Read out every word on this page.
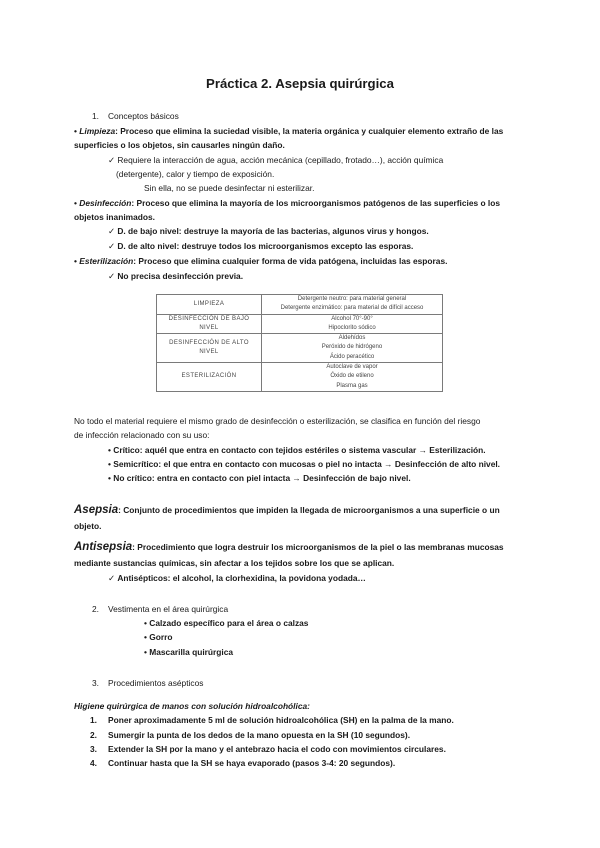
Práctica 2. Asepsia quirúrgica
1. Conceptos básicos
• Limpieza: Proceso que elimina la suciedad visible, la materia orgánica y cualquier elemento extraño de las
superficies o los objetos, sin causarles ningún daño.
✓ Requiere la interacción de agua, acción mecánica (cepillado, frotado…), acción química
(detergente), calor y tiempo de exposición.
Sin ella, no se puede desinfectar ni esterilizar.
• Desinfección: Proceso que elimina la mayoría de los microorganismos patógenos de las superficies o los
objetos inanimados.
✓ D. de bajo nivel: destruye la mayoría de las bacterias, algunos virus y hongos.
✓ D. de alto nivel: destruye todos los microorganismos excepto las esporas.
• Esterilización: Proceso que elimina cualquier forma de vida patógena, incluidas las esporas.
✓ No precisa desinfección previa.
LIMPIEZA	Detergente neutro: para material general
Detergente enzimático: para material de difícil acceso

DESINFECCIÓN DE BAJO NIVEL	Alcohol 70°-90°
Hipoclorito sódico

DESINFECCIÓN DE ALTO NIVEL	Aldehídos
Peróxido de hidrógeno
Ácido peracético

ESTERILIZACIÓN	Autoclave de vapor
Óxido de etileno
Plasma gas
No todo el material requiere el mismo grado de desinfección o esterilización, se clasifica en función del riesgo
de infección relacionado con su uso:
• Crítico: aquél que entra en contacto con tejidos estériles o sistema vascular → Esterilización.
• Semicrítico: el que entra en contacto con mucosas o piel no intacta → Desinfección de alto nivel.
• No crítico: entra en contacto con piel intacta → Desinfección de bajo nivel.
Asepsia: Conjunto de procedimientos que impiden la llegada de microorganismos a una superficie o un
objeto.
Antisepsia: Procedimiento que logra destruir los microorganismos de la piel o las membranas mucosas
mediante sustancias químicas, sin afectar a los tejidos sobre los que se aplican.
✓ Antisépticos: el alcohol, la clorhexidina, la povidona yodada…
2. Vestimenta en el área quirúrgica
• Calzado específico para el área o calzas
• Gorro
• Mascarilla quirúrgica
3. Procedimientos asépticos
Higiene quirúrgica de manos con solución hidroalcohólica:
1. Poner aproximadamente 5 ml de solución hidroalcohólica (SH) en la palma de la mano.
2. Sumergir la punta de los dedos de la mano opuesta en la SH (10 segundos).
3. Extender la SH por la mano y el antebrazo hacia el codo con movimientos circulares.
4. Continuar hasta que la SH se haya evaporado (pasos 3-4: 20 segundos).
